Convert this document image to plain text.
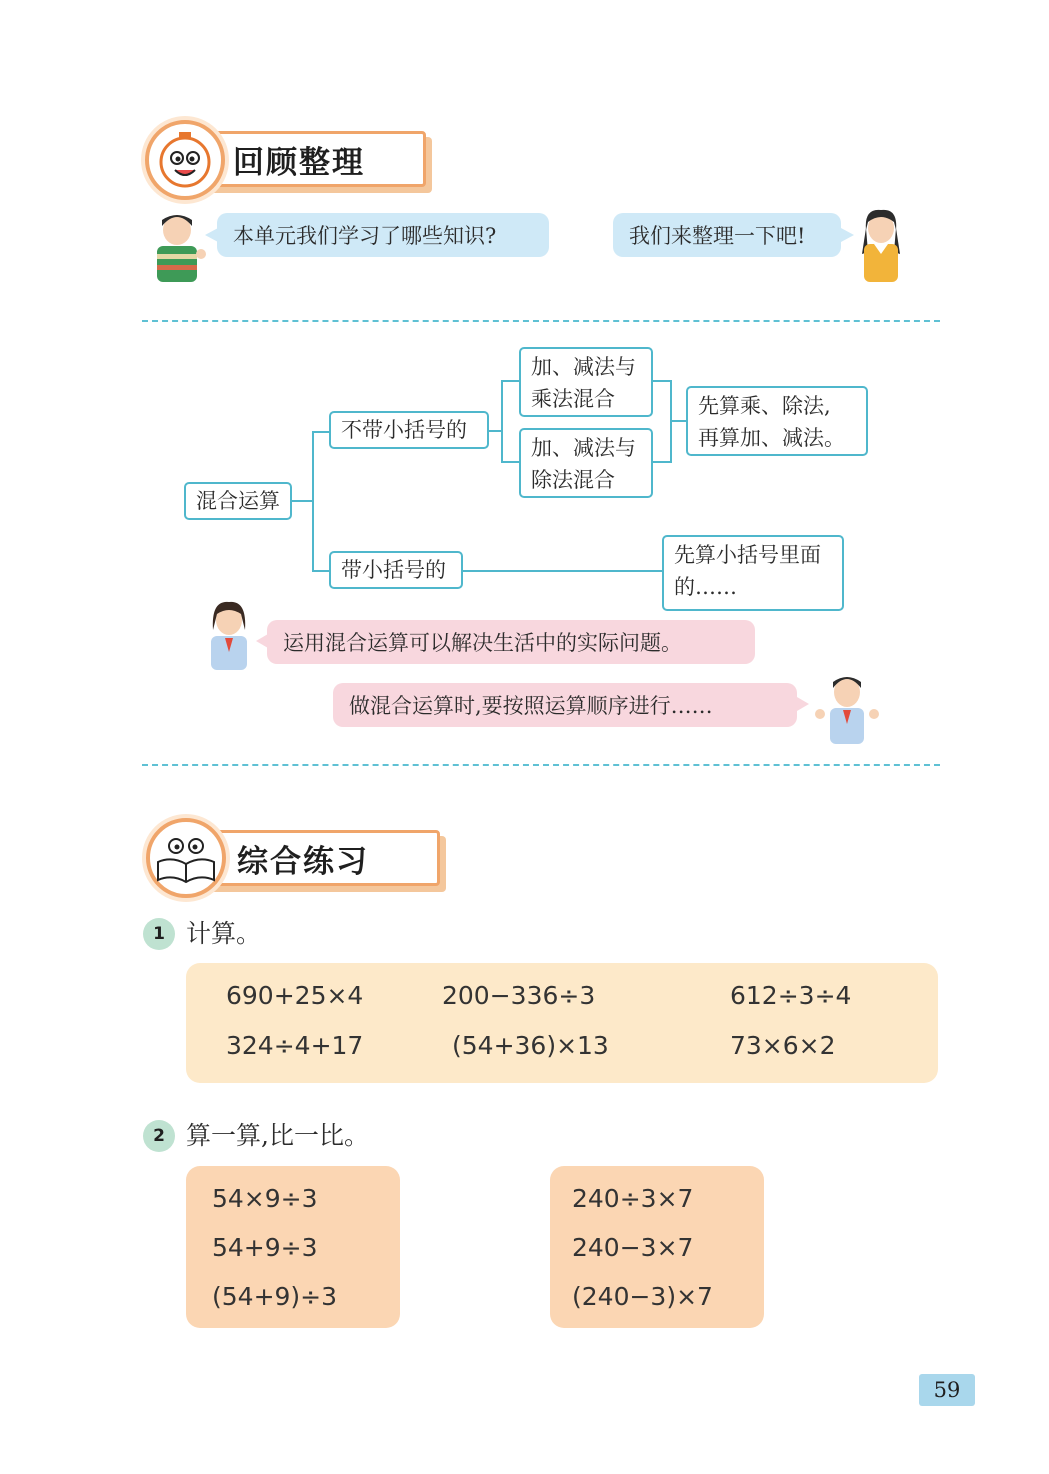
回顾整理
本单元我们学习了哪些知识?	我们来整理一下吧!
混合运算
不带小括号的
带小括号的
加、减法与
乘法混合
加、减法与
除法混合
先算乘、除法,
再算加、减法。
先算小括号里面
的……
运用混合运算可以解决生活中的实际问题。
做混合运算时,要按照运算顺序进行……
综合练习
1 计算。
690+25×4	200−336÷3	612÷3÷4
324÷4+17	(54+36)×13	73×6×2
2 算一算,比一比。
54×9÷3
54+9÷3
(54+9)÷3
240÷3×7
240−3×7
(240−3)×7
59
